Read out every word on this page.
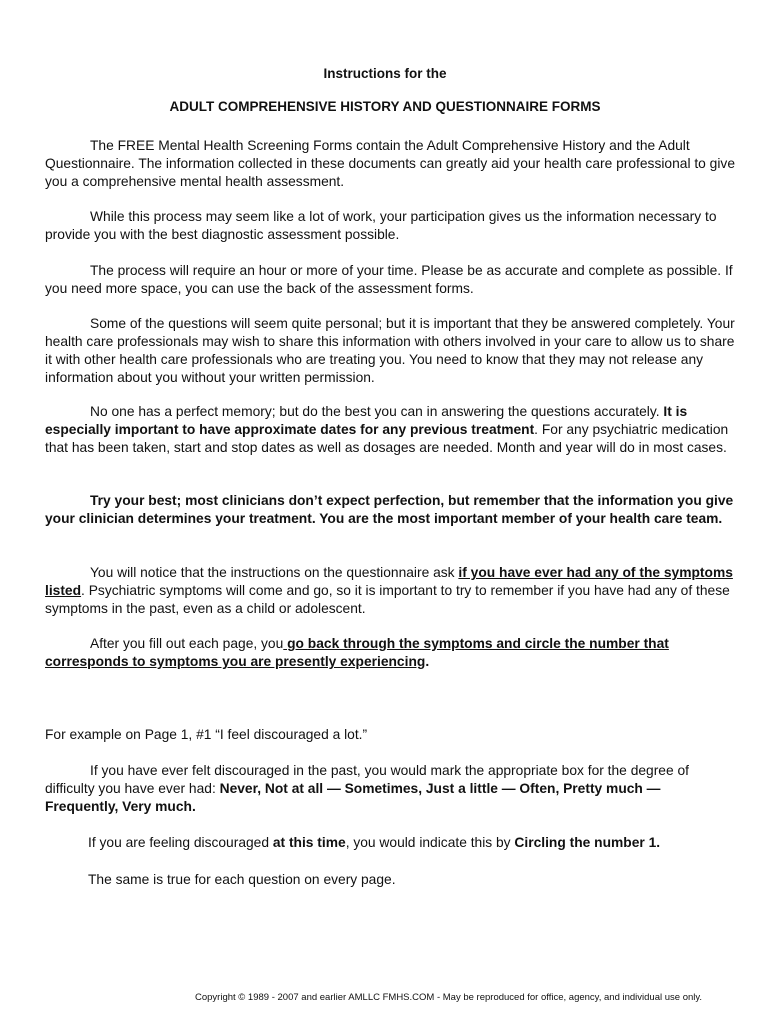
Instructions for the
ADULT COMPREHENSIVE HISTORY AND QUESTIONNAIRE FORMS

The FREE Mental Health Screening Forms contain the Adult Comprehensive History and the Adult Questionnaire. The information collected in these documents can greatly aid your health care professional to give you a comprehensive mental health assessment.

While this process may seem like a lot of work, your participation gives us the information necessary to provide you with the best diagnostic assessment possible.

The process will require an hour or more of your time. Please be as accurate and complete as possible. If you need more space, you can use the back of the assessment forms.

Some of the questions will seem quite personal; but it is important that they be answered completely. Your health care professionals may wish to share this information with others involved in your care to allow us to share it with other health care professionals who are treating you. You need to know that they may not release any information about you without your written permission.

No one has a perfect memory; but do the best you can in answering the questions accurately. It is especially important to have approximate dates for any previous treatment. For any psychiatric medication that has been taken, start and stop dates as well as dosages are needed. Month and year will do in most cases.

Try your best; most clinicians don’t expect perfection, but remember that the information you give your clinician determines your treatment. You are the most important member of your health care team.

You will notice that the instructions on the questionnaire ask if you have ever had any of the symptoms listed. Psychiatric symptoms will come and go, so it is important to try to remember if you have had any of these symptoms in the past, even as a child or adolescent.

After you fill out each page, you go back through the symptoms and circle the number that corresponds to symptoms you are presently experiencing.

For example on Page 1, #1 “I feel discouraged a lot.”

If you have ever felt discouraged in the past, you would mark the appropriate box for the degree of difficulty you have ever had: Never, Not at all — Sometimes, Just a little — Often, Pretty much — Frequently, Very much.

If you are feeling discouraged at this time, you would indicate this by Circling the number 1.

The same is true for each question on every page.

Copyright © 1989 - 2007 and earlier AMLLC FMHS.COM - May be reproduced for office, agency, and individual use only.
